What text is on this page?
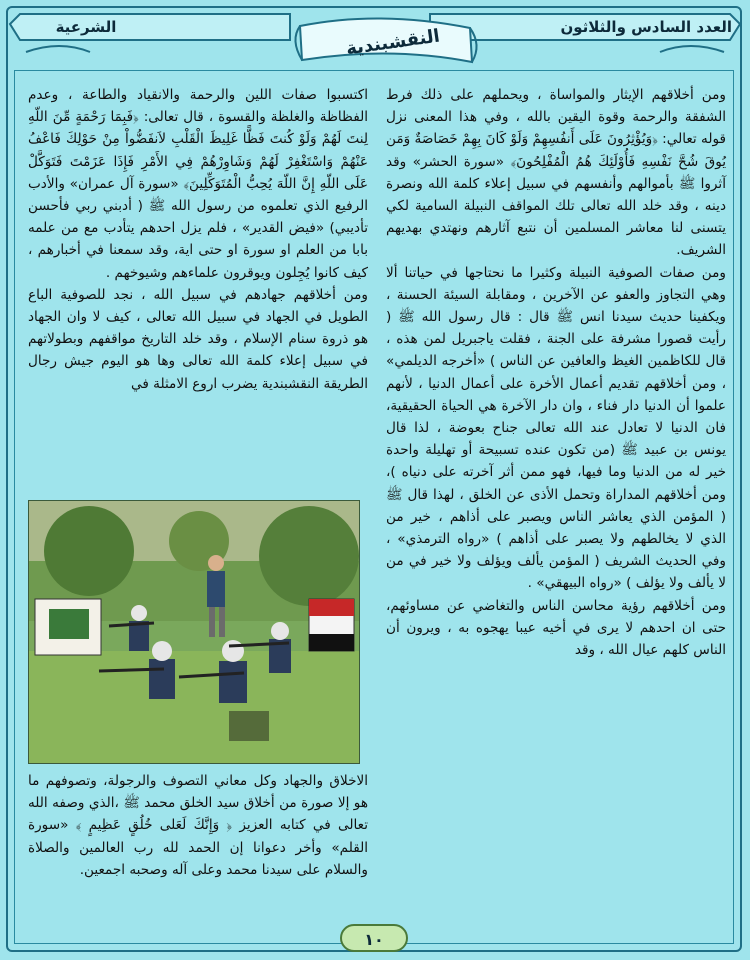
العدد السادس والثلاثون
الشرعية	النقشبندية

ومن أخلاقهم الإيثار والمواساة ، ويحملهم على ذلك فرط الشفقة والرحمة وقوة اليقين بالله ، وفي هذا المعنى نزل قوله تعالي: ﴿وَيُؤْثِرُونَ عَلَى أَنفُسِهِمْ وَلَوْ كَانَ بِهِمْ خَصَاصَةٌ وَمَن يُوقَ شُحَّ نَفْسِهِ فَأُوْلَئِكَ هُمُ الْمُفْلِحُونَ﴾ «سورة الحشر» وقد آثروا ﷺ بأموالهم وأنفسهم في سبيل إعلاء كلمة الله ونصرة دينه ، وقد خلد الله تعالى تلك المواقف النبيلة السامية لكي يتسنى لنا معاشر المسلمين أن نتبع آثارهم ونهتدي بهديهم الشريف.

ومن صفات الصوفية النبيلة وكثيرا ما نحتاجها في حياتنا ألا وهي التجاوز والعفو عن الآخرين ، ومقابلة السيئة الحسنة ، ويكفينا حديث سيدنا انس ﷺ قال : قال رسول الله ﷺ ( رأيت قصورا مشرفة على الجنة ، فقلت ياجبريل لمن هذه ، قال للكاظمين الغيظ والعافين عن الناس ) «أخرجه الديلمي» ، ومن أخلاقهم تقديم أعمال الأخرة على أعمال الدنيا ، لأنهم علموا أن الدنيا دار فناء ، وان دار الآخرة هي الحياة الحقيقية، فان الدنيا لا تعادل عند الله تعالى جناح بعوضة ، لذا قال يونس بن عبيد ﷺ (من تكون عنده تسبيحة أو تهليلة واحدة خير له من الدنيا وما فيها، فهو ممن أثر آخرته على دنياه )، ومن أخلاقهم المداراة وتحمل الأذى عن الخلق ، لهذا قال ﷺ ( المؤمن الذي يعاشر الناس ويصبر على أذاهم ، خير من الذي لا يخالطهم ولا يصبر على أذاهم ) «رواه الترمذي» ، وفي الحديث الشريف ( المؤمن يألف ويؤلف ولا خير في من لا يألف ولا يؤلف ) «رواه البيهقي» .

ومن أخلاقهم رؤية محاسن الناس والتغاضي عن مساوئهم، حتى ان احدهم لا يرى في أخيه عيبا يهجوه به ، ويرون أن الناس كلهم عيال الله ، وقد

اكتسبوا صفات اللين والرحمة والانقياد والطاعة ، وعدم الفظاظة والغلظة والقسوة ، قال تعالى: ﴿فَبِمَا رَحْمَةٍ مِّنَ اللّهِ لِنتَ لَهُمْ وَلَوْ كُنتَ فَظًّا غَلِيظَ الْقَلْبِ لاَنفَضُّواْ مِنْ حَوْلِكَ فَاعْفُ عَنْهُمْ وَاسْتَغْفِرْ لَهُمْ وَشَاوِرْهُمْ فِي الأَمْرِ فَإِذَا عَزَمْتَ فَتَوَكَّلْ عَلَى اللّهِ إِنَّ اللّهَ يُحِبُّ الْمُتَوَكِّلِينَ﴾ «سورة آل عمران» والأدب الرفيع الذي تعلموه من رسول الله ﷺ ( أدبني ربي فأحسن تأديبي) «فيض القدير» ، فلم يزل احدهم يتأدب مع من علمه بابا من العلم او سورة او حتى اية، وقد سمعنا في أخبارهم ، كيف كانوا يُجِلون ويوقرون علماءهم وشيوخهم .

ومن أخلاقهم جهادهم في سبيل الله ، نجد للصوفية الباع الطويل في الجهاد في سبيل الله تعالى ، كيف لا وان الجهاد هو ذروة سنام الإسلام ، وقد خلد التاريخ مواقفهم وبطولاتهم في سبيل إعلاء كلمة الله تعالى وها هو اليوم جيش رجال الطريقة النقشبندية يضرب اروع الامثلة في

الاخلاق والجهاد وكل معاني التصوف والرجولة، وتصوفهم ما هو إلا صورة من أخلاق سيد الخلق محمد ﷺ ،الذي وصفه الله تعالى في كتابه العزيز ﴿ وَإِنَّكَ لَعَلى خُلُقٍ عَظِيمٍ ﴾ «سورة القلم» وأخر دعوانا إن الحمد لله رب العالمين والصلاة والسلام على سيدنا محمد وعلى آله وصحبه اجمعين.

١٠
